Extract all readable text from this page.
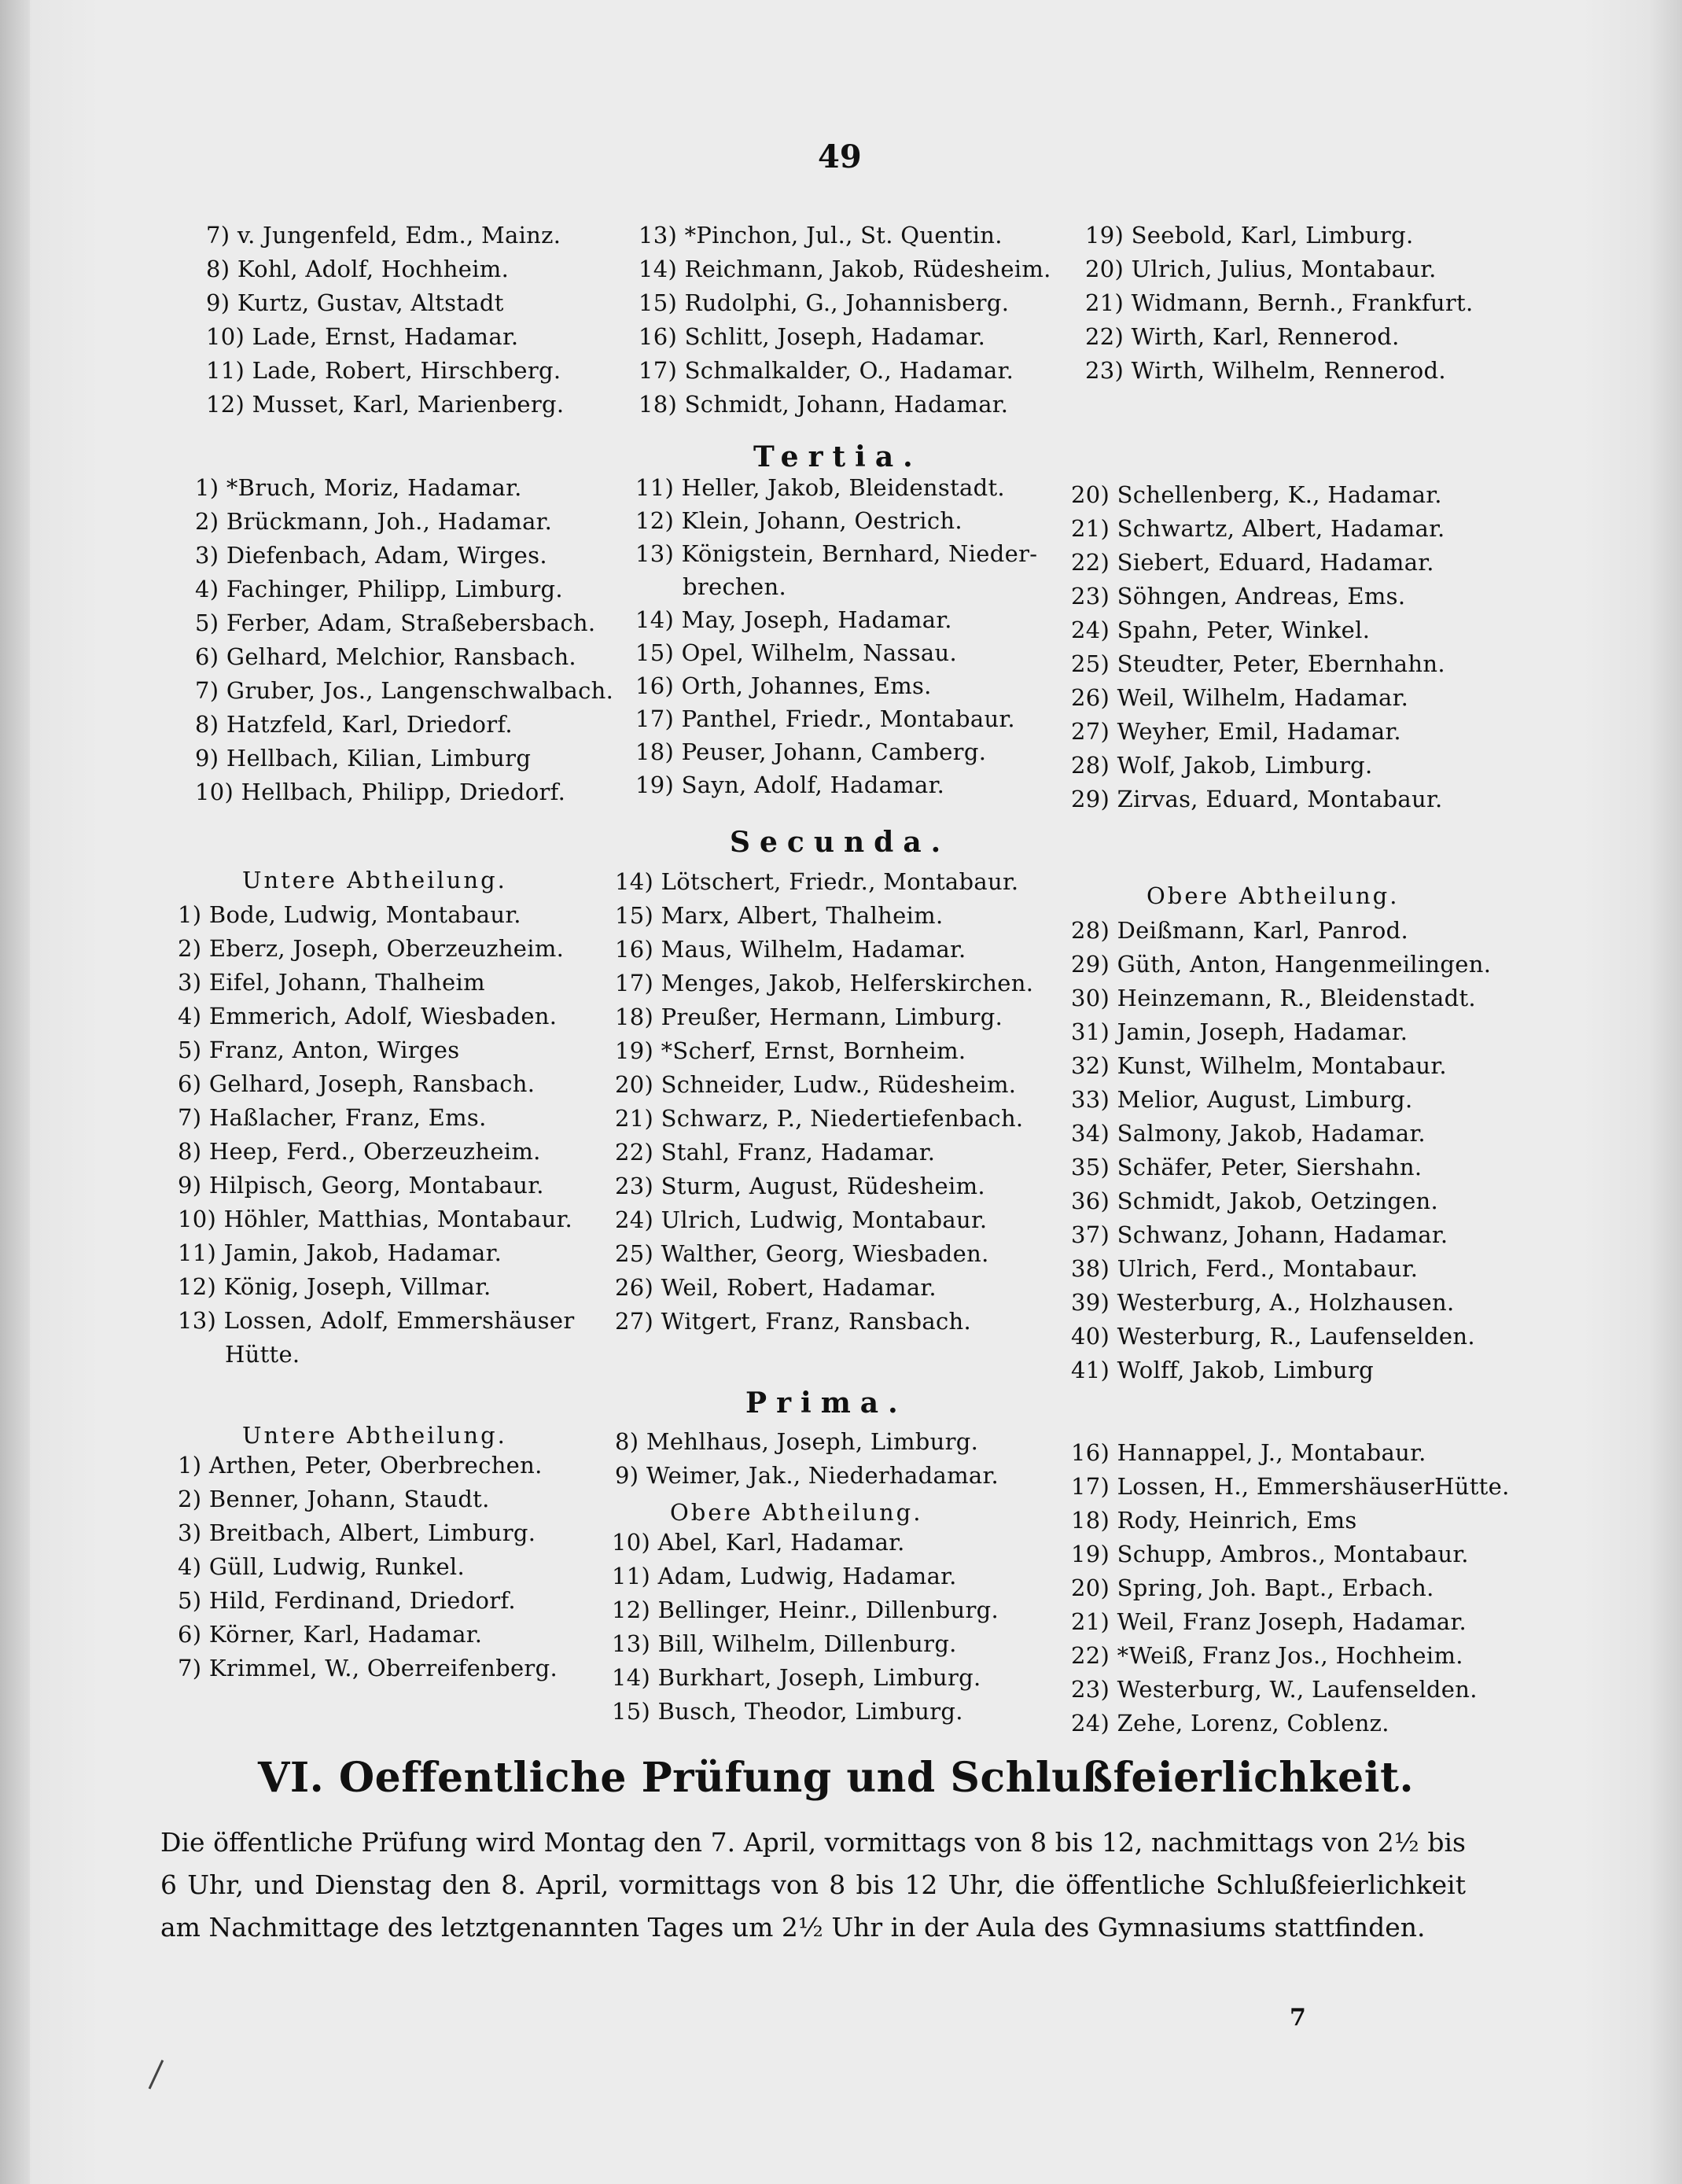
49
7) v. Jungenfeld, Edm., Mainz.
8) Kohl, Adolf, Hochheim.
9) Kurtz, Gustav, Altstadt
10) Lade, Ernst, Hadamar.
11) Lade, Robert, Hirschberg.
12) Musset, Karl, Marienberg.
13) *Pinchon, Jul., St. Quentin.
14) Reichmann, Jakob, Rüdesheim.
15) Rudolphi, G., Johannisberg.
16) Schlitt, Joseph, Hadamar.
17) Schmalkalder, O., Hadamar.
18) Schmidt, Johann, Hadamar.
19) Seebold, Karl, Limburg.
20) Ulrich, Julius, Montabaur.
21) Widmann, Bernh., Frankfurt.
22) Wirth, Karl, Rennerod.
23) Wirth, Wilhelm, Rennerod.
1) *Bruch, Moriz, Hadamar.
2) Brückmann, Joh., Hadamar.
3) Diefenbach, Adam, Wirges.
4) Fachinger, Philipp, Limburg.
5) Ferber, Adam, Straßebersbach.
6) Gelhard, Melchior, Ransbach.
7) Gruber, Jos., Langenschwalbach.
8) Hatzfeld, Karl, Driedorf.
9) Hellbach, Kilian, Limburg
10) Hellbach, Philipp, Driedorf.
11) Heller, Jakob, Bleidenstadt.
12) Klein, Johann, Oestrich.
13) Königstein, Bernhard, Nieder-
brechen.
14) May, Joseph, Hadamar.
15) Opel, Wilhelm, Nassau.
16) Orth, Johannes, Ems.
17) Panthel, Friedr., Montabaur.
18) Peuser, Johann, Camberg.
19) Sayn, Adolf, Hadamar.
20) Schellenberg, K., Hadamar.
21) Schwartz, Albert, Hadamar.
22) Siebert, Eduard, Hadamar.
23) Söhngen, Andreas, Ems.
24) Spahn, Peter, Winkel.
25) Steudter, Peter, Ebernhahn.
26) Weil, Wilhelm, Hadamar.
27) Weyher, Emil, Hadamar.
28) Wolf, Jakob, Limburg.
29) Zirvas, Eduard, Montabaur.
1) Bode, Ludwig, Montabaur.
2) Eberz, Joseph, Oberzeuzheim.
3) Eifel, Johann, Thalheim
4) Emmerich, Adolf, Wiesbaden.
5) Franz, Anton, Wirges
6) Gelhard, Joseph, Ransbach.
7) Haßlacher, Franz, Ems.
8) Heep, Ferd., Oberzeuzheim.
9) Hilpisch, Georg, Montabaur.
10) Höhler, Matthias, Montabaur.
11) Jamin, Jakob, Hadamar.
12) König, Joseph, Villmar.
13) Lossen, Adolf, Emmershäuser
Hütte.
14) Lötschert, Friedr., Montabaur.
15) Marx, Albert, Thalheim.
16) Maus, Wilhelm, Hadamar.
17) Menges, Jakob, Helferskirchen.
18) Preußer, Hermann, Limburg.
19) *Scherf, Ernst, Bornheim.
20) Schneider, Ludw., Rüdesheim.
21) Schwarz, P., Niedertiefenbach.
22) Stahl, Franz, Hadamar.
23) Sturm, August, Rüdesheim.
24) Ulrich, Ludwig, Montabaur.
25) Walther, Georg, Wiesbaden.
26) Weil, Robert, Hadamar.
27) Witgert, Franz, Ransbach.
28) Deißmann, Karl, Panrod.
29) Güth, Anton, Hangenmeilingen.
30) Heinzemann, R., Bleidenstadt.
31) Jamin, Joseph, Hadamar.
32) Kunst, Wilhelm, Montabaur.
33) Melior, August, Limburg.
34) Salmony, Jakob, Hadamar.
35) Schäfer, Peter, Siershahn.
36) Schmidt, Jakob, Oetzingen.
37) Schwanz, Johann, Hadamar.
38) Ulrich, Ferd., Montabaur.
39) Westerburg, A., Holzhausen.
40) Westerburg, R., Laufenselden.
41) Wolff, Jakob, Limburg
1) Arthen, Peter, Oberbrechen.
2) Benner, Johann, Staudt.
3) Breitbach, Albert, Limburg.
4) Güll, Ludwig, Runkel.
5) Hild, Ferdinand, Driedorf.
6) Körner, Karl, Hadamar.
7) Krimmel, W., Oberreifenberg.
8) Mehlhaus, Joseph, Limburg.
9) Weimer, Jak., Niederhadamar.
10) Abel, Karl, Hadamar.
11) Adam, Ludwig, Hadamar.
12) Bellinger, Heinr., Dillenburg.
13) Bill, Wilhelm, Dillenburg.
14) Burkhart, Joseph, Limburg.
15) Busch, Theodor, Limburg.
16) Hannappel, J., Montabaur.
17) Lossen, H., EmmershäuserHütte.
18) Rody, Heinrich, Ems
19) Schupp, Ambros., Montabaur.
20) Spring, Joh. Bapt., Erbach.
21) Weil, Franz Joseph, Hadamar.
22) *Weiß, Franz Jos., Hochheim.
23) Westerburg, W., Laufenselden.
24) Zehe, Lorenz, Coblenz.
Tertia.
Secunda.
Prima.
Untere Abtheilung.
Obere Abtheilung.
Untere Abtheilung.
Obere Abtheilung.
VI. Oeffentliche Prüfung und Schlußfeierlichkeit.
Die öffentliche Prüfung wird Montag den 7. April, vormittags von 8 bis 12, nachmittags von 2½ bis 6 Uhr, und Dienstag den 8. April, vormittags von 8 bis 12 Uhr, die öffentliche Schlußfeierlichkeit am Nachmittage des letztgenannten Tages um 2½ Uhr in der Aula des Gymnasiums stattfinden.
7
